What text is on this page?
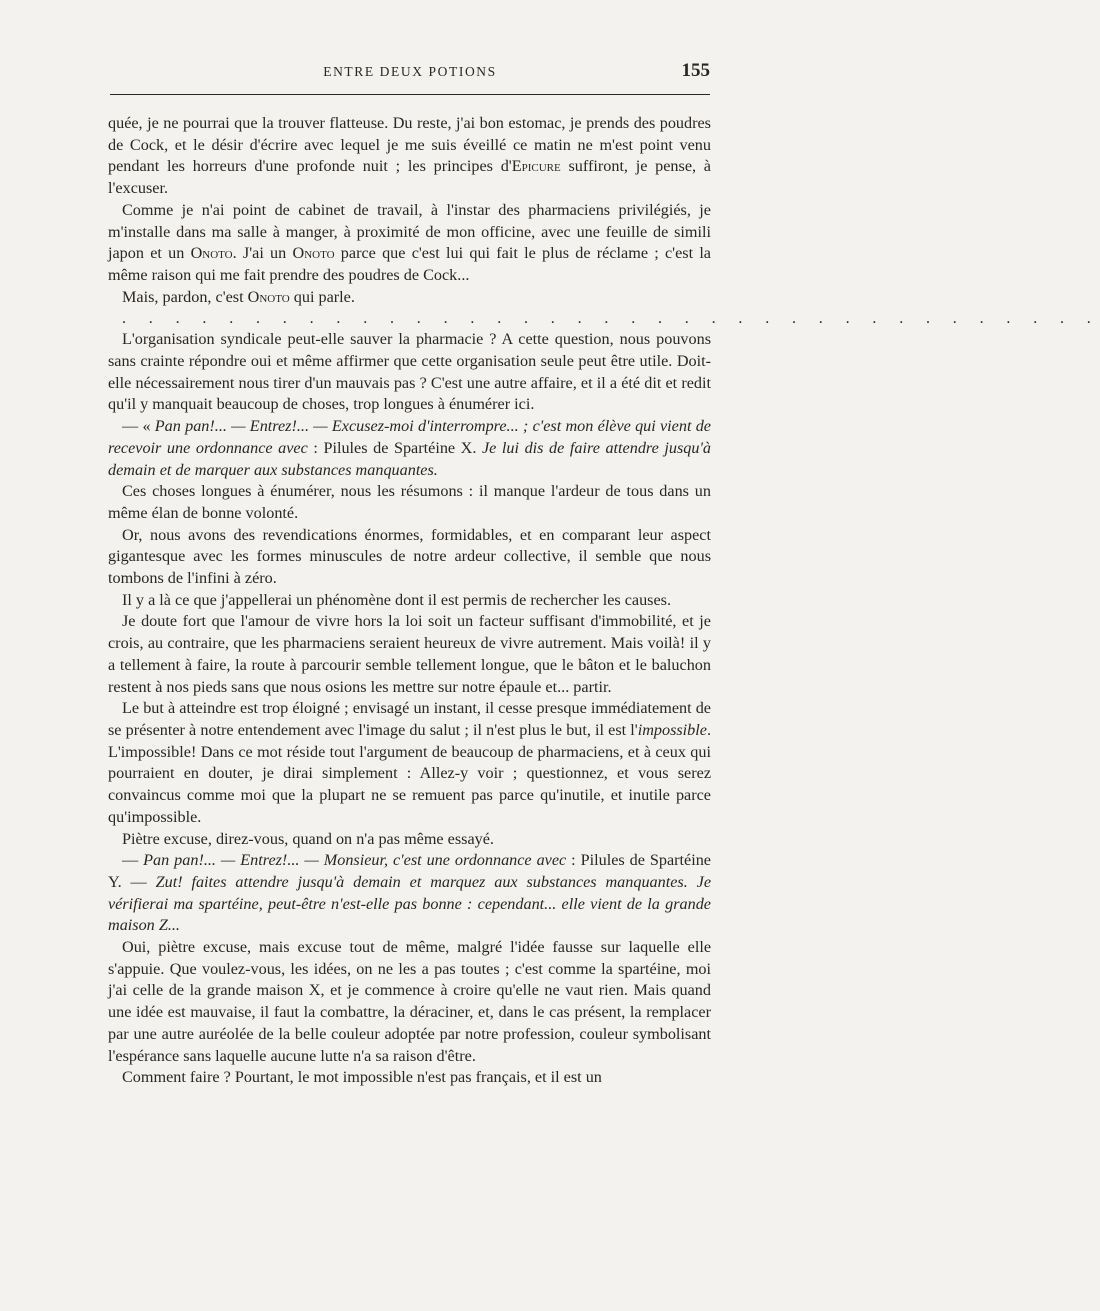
ENTRE DEUX POTIONS	155

quée, je ne pourrai que la trouver flatteuse. Du reste, j'ai bon estomac, je prends des poudres de Cock, et le désir d'écrire avec lequel je me suis éveillé ce matin ne m'est point venu pendant les horreurs d'une profonde nuit ; les principes d'Epicure suffiront, je pense, à l'excuser.

Comme je n'ai point de cabinet de travail, à l'instar des pharmaciens privilégiés, je m'installe dans ma salle à manger, à proximité de mon officine, avec une feuille de simili japon et un Onoto. J'ai un Onoto parce que c'est lui qui fait le plus de réclame ; c'est la même raison qui me fait prendre des poudres de Cock...

Mais, pardon, c'est Onoto qui parle.

. . . . . . . . . . . . . . . . . . . . . . . . . . . . . . . . . . . . .

L'organisation syndicale peut-elle sauver la pharmacie ? A cette question, nous pouvons sans crainte répondre oui et même affirmer que cette organisation seule peut être utile. Doit-elle nécessairement nous tirer d'un mauvais pas ? C'est une autre affaire, et il a été dit et redit qu'il y manquait beaucoup de choses, trop longues à énumérer ici.

— « Pan pan!... — Entrez!... — Excusez-moi d'interrompre... ; c'est mon élève qui vient de recevoir une ordonnance avec : Pilules de Spartéine X. Je lui dis de faire attendre jusqu'à demain et de marquer aux substances manquantes.

Ces choses longues à énumérer, nous les résumons : il manque l'ardeur de tous dans un même élan de bonne volonté.

Or, nous avons des revendications énormes, formidables, et en comparant leur aspect gigantesque avec les formes minuscules de notre ardeur collective, il semble que nous tombons de l'infini à zéro.

Il y a là ce que j'appellerai un phénomène dont il est permis de rechercher les causes.

Je doute fort que l'amour de vivre hors la loi soit un facteur suffisant d'immobilité, et je crois, au contraire, que les pharmaciens seraient heureux de vivre autrement. Mais voilà! il y a tellement à faire, la route à parcourir semble tellement longue, que le bâton et le baluchon restent à nos pieds sans que nous osions les mettre sur notre épaule et... partir.

Le but à atteindre est trop éloigné ; envisagé un instant, il cesse presque immédiatement de se présenter à notre entendement avec l'image du salut ; il n'est plus le but, il est l'impossible. L'impossible! Dans ce mot réside tout l'argument de beaucoup de pharmaciens, et à ceux qui pourraient en douter, je dirai simplement : Allez-y voir ; questionnez, et vous serez convaincus comme moi que la plupart ne se remuent pas parce qu'inutile, et inutile parce qu'impossible.

Piètre excuse, direz-vous, quand on n'a pas même essayé.

— Pan pan!... — Entrez!... — Monsieur, c'est une ordonnance avec : Pilules de Spartéine Y. — Zut! faites attendre jusqu'à demain et marquez aux substances manquantes. Je vérifierai ma spartéine, peut-être n'est-elle pas bonne : cependant... elle vient de la grande maison Z...

Oui, piètre excuse, mais excuse tout de même, malgré l'idée fausse sur laquelle elle s'appuie. Que voulez-vous, les idées, on ne les a pas toutes ; c'est comme la spartéine, moi j'ai celle de la grande maison X, et je commence à croire qu'elle ne vaut rien. Mais quand une idée est mauvaise, il faut la combattre, la déraciner, et, dans le cas présent, la remplacer par une autre auréolée de la belle couleur adoptée par notre profession, couleur symbolisant l'espérance sans laquelle aucune lutte n'a sa raison d'être.

Comment faire ? Pourtant, le mot impossible n'est pas français, et il est un
